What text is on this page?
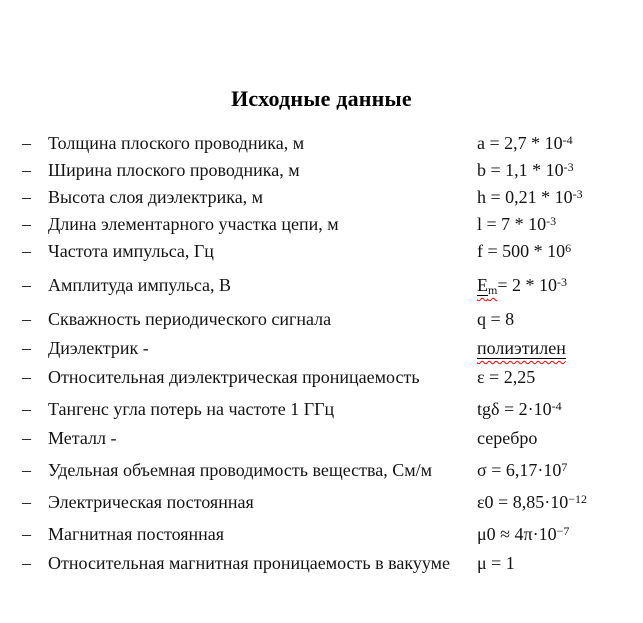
Исходные данные
– Толщина плоского проводника, м	$a = 2,7 * 10^{-4}$
– Ширина плоского проводника, м	$b = 1,1 * 10^{-3}$
– Высота слоя диэлектрика, м	$h = 0,21 * 10^{-3}$
– Длина элементарного участка цепи, м	$l = 7 * 10^{-3}$
– Частота импульса, Гц	$f = 500 * 10^6$
– Амплитуда импульса, В	$E_m= 2 * 10^{-3}$
– Скважность периодического сигнала	q = 8
– Диэлектрик -	полиэтилен
– Относительная диэлектрическая проницаемость	ε = 2,25
– Тангенс угла потерь на частоте 1 ГГц	$tg\delta = 2\cdot 10^{-4}$
– Металл -	серебро
– Удельная объемная проводимость вещества, См/м	$\sigma = 6,17\cdot 10^7$
– Электрическая постоянная	$\varepsilon 0 = 8,85\cdot 10^{-12}$
– Магнитная постоянная	$\mu 0 \approx 4\pi\cdot 10^{-7}$
– Относительная магнитная проницаемость в вакууме	μ = 1
